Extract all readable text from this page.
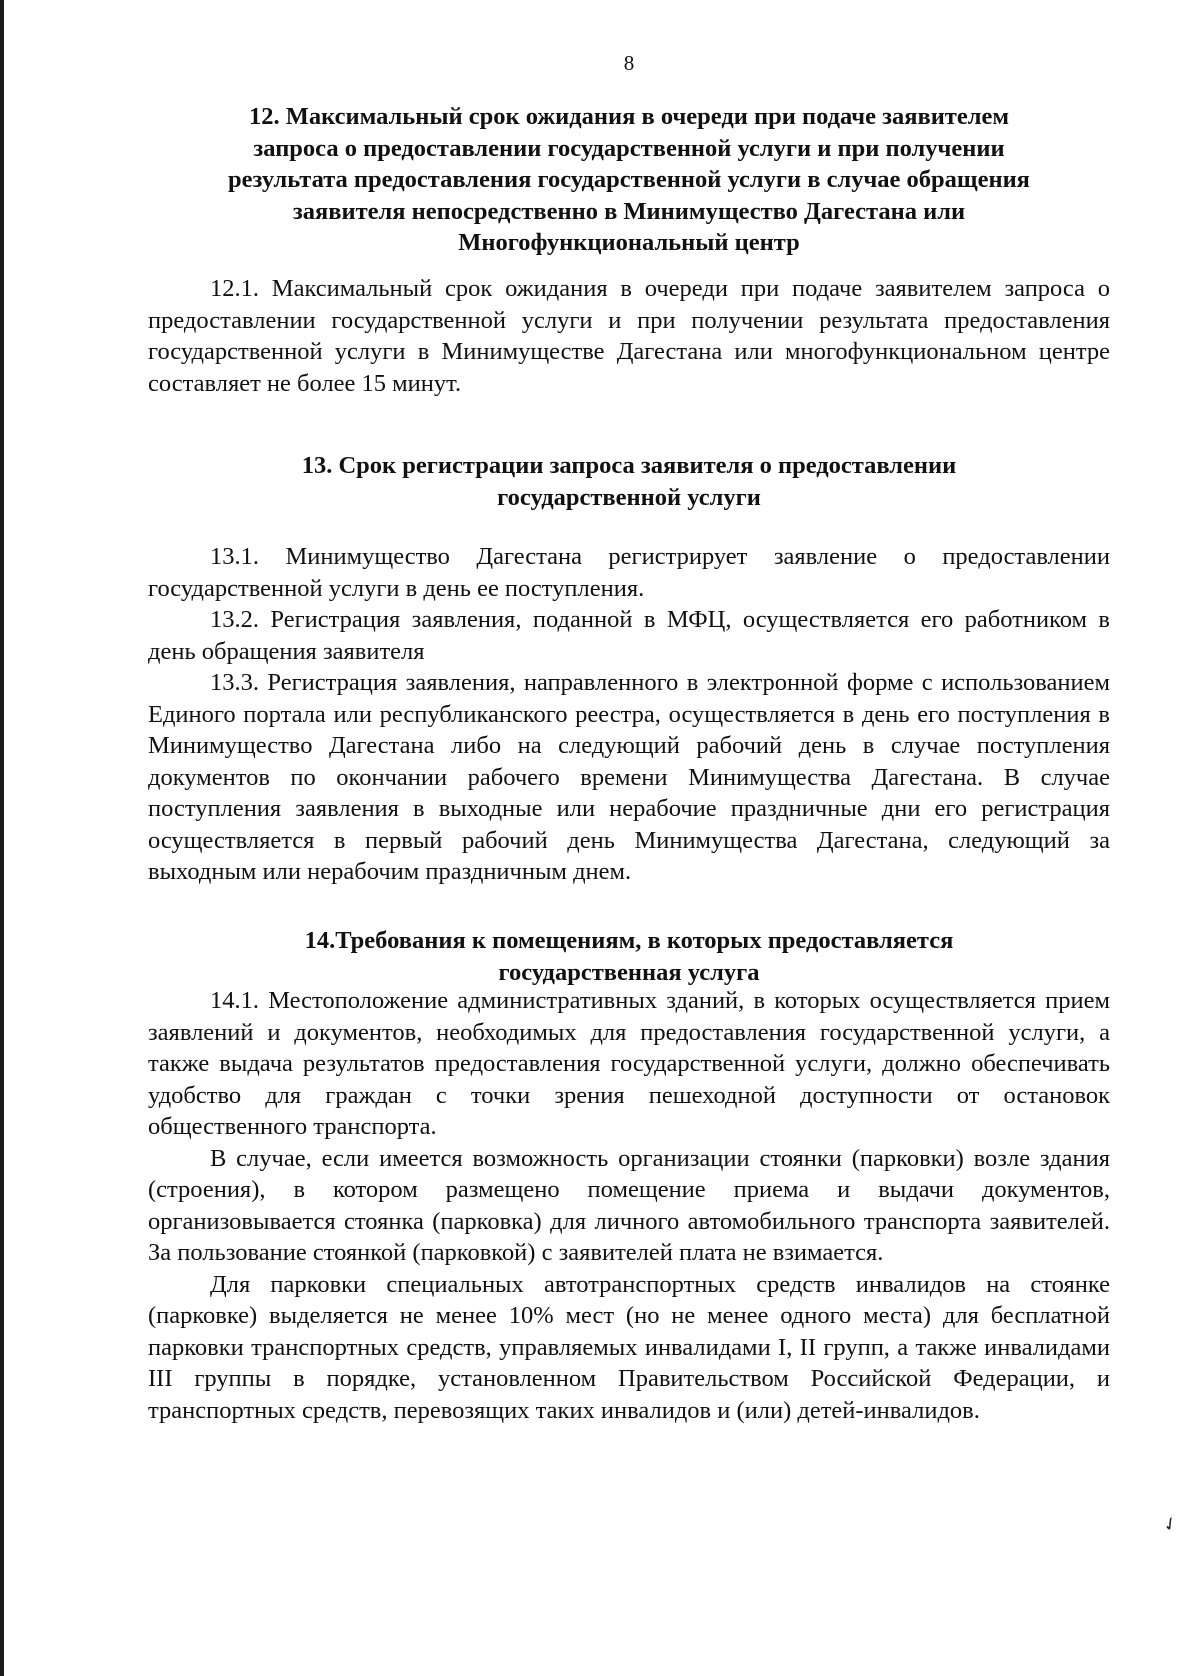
8
12. Максимальный срок ожидания в очереди при подаче заявителем
запроса о предоставлении государственной услуги и при получении
результата предоставления государственной услуги в случае обращения
заявителя непосредственно в Минимущество Дагестана или
Многофункциональный центр

12.1. Максимальный срок ожидания в очереди при подаче заявителем запроса о предоставлении государственной услуги и при получении результата предоставления государственной услуги в Минимуществе Дагестана или многофункциональном центре составляет не более 15 минут.

13. Срок регистрации запроса заявителя о предоставлении
государственной услуги

13.1. Минимущество Дагестана регистрирует заявление о предоставлении государственной услуги в день ее поступления.

13.2. Регистрация заявления, поданной в МФЦ, осуществляется его работником в день обращения заявителя

13.3. Регистрация заявления, направленного в электронной форме с использованием Единого портала или республиканского реестра, осуществляется в день его поступления в Минимущество Дагестана либо на следующий рабочий день в случае поступления документов по окончании рабочего времени Минимущества Дагестана. В случае поступления заявления в выходные или нерабочие праздничные дни его регистрация осуществляется в первый рабочий день Минимущества Дагестана, следующий за выходным или нерабочим праздничным днем.

14.Требования к помещениям, в которых предоставляется
государственная услуга

14.1. Местоположение административных зданий, в которых осуществляется прием заявлений и документов, необходимых для предоставления государственной услуги, а также выдача результатов предоставления государственной услуги, должно обеспечивать удобство для граждан с точки зрения пешеходной доступности от остановок общественного транспорта.

В случае, если имеется возможность организации стоянки (парковки) возле здания (строения), в котором размещено помещение приема и выдачи документов, организовывается стоянка (парковка) для личного автомобильного транспорта заявителей. За пользование стоянкой (парковкой) с заявителей плата не взимается.

Для парковки специальных автотранспортных средств инвалидов на стоянке (парковке) выделяется не менее 10% мест (но не менее одного места) для бесплатной парковки транспортных средств, управляемых инвалидами I, II групп, а также инвалидами III группы в порядке, установленном Правительством Российской Федерации, и транспортных средств, перевозящих таких инвалидов и (или) детей-инвалидов.

✓
